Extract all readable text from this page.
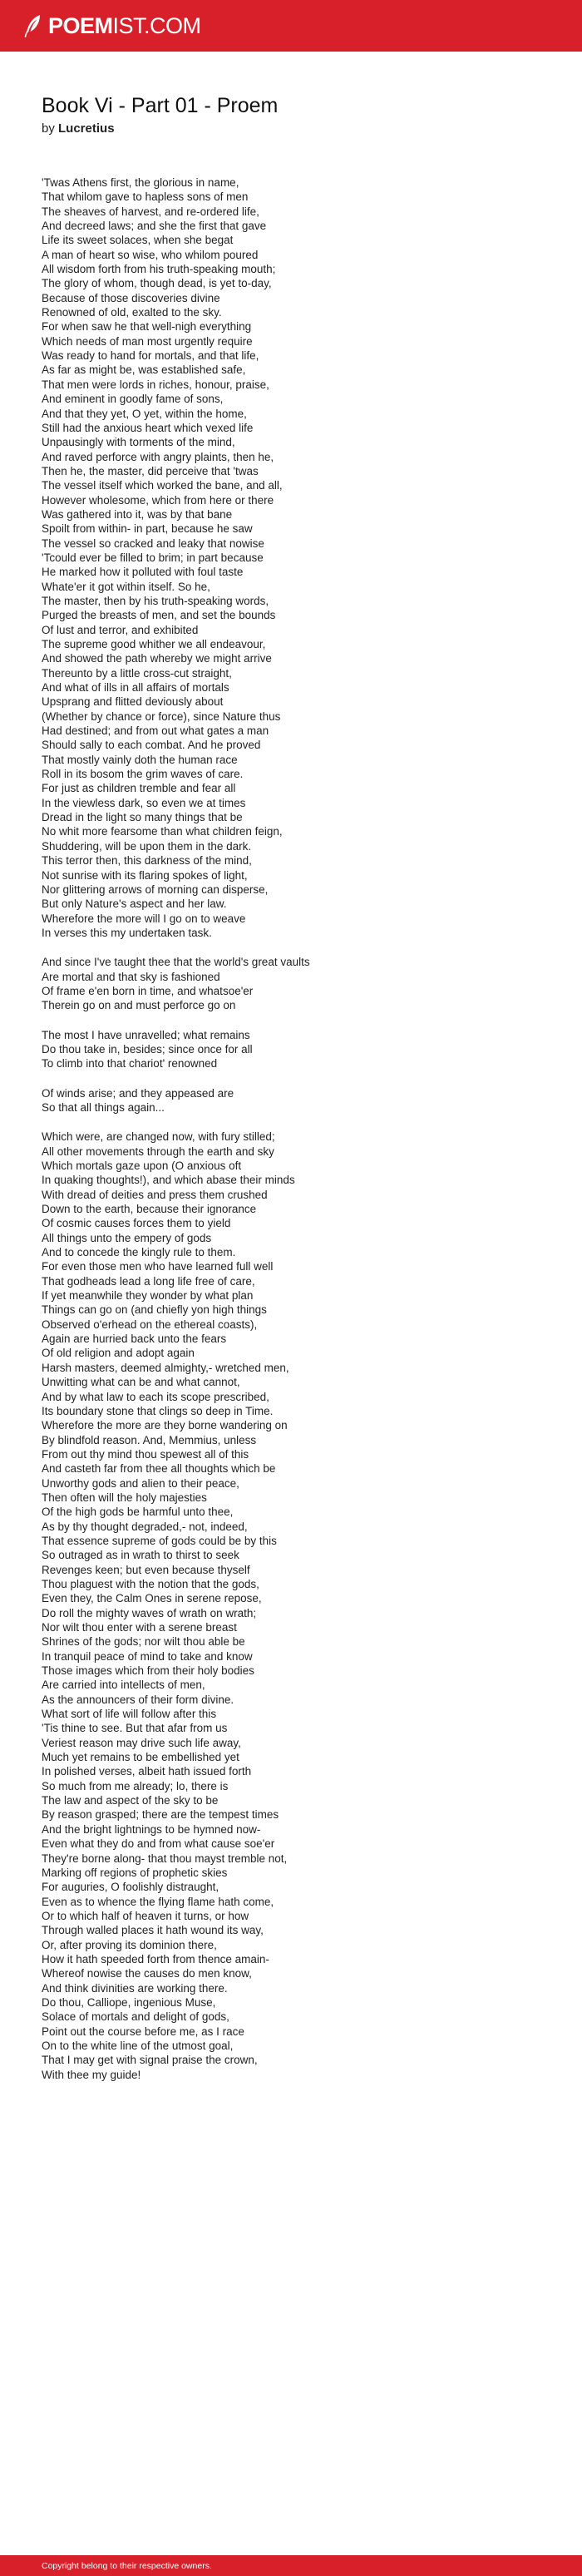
POEMIST.COM
Book Vi - Part 01 - Proem
by Lucretius
'Twas Athens first, the glorious in name,
That whilom gave to hapless sons of men
The sheaves of harvest, and re-ordered life,
And decreed laws; and she the first that gave
Life its sweet solaces, when she begat
A man of heart so wise, who whilom poured
All wisdom forth from his truth-speaking mouth;
The glory of whom, though dead, is yet to-day,
Because of those discoveries divine
Renowned of old, exalted to the sky.
For when saw he that well-nigh everything
Which needs of man most urgently require
Was ready to hand for mortals, and that life,
As far as might be, was established safe,
That men were lords in riches, honour, praise,
And eminent in goodly fame of sons,
And that they yet, O yet, within the home,
Still had the anxious heart which vexed life
Unpausingly with torments of the mind,
And raved perforce with angry plaints, then he,
Then he, the master, did perceive that 'twas
The vessel itself which worked the bane, and all,
However wholesome, which from here or there
Was gathered into it, was by that bane
Spoilt from within- in part, because he saw
The vessel so cracked and leaky that nowise
'Tcould ever be filled to brim; in part because
He marked how it polluted with foul taste
Whate'er it got within itself. So he,
The master, then by his truth-speaking words,
Purged the breasts of men, and set the bounds
Of lust and terror, and exhibited
The supreme good whither we all endeavour,
And showed the path whereby we might arrive
Thereunto by a little cross-cut straight,
And what of ills in all affairs of mortals
Upsprang and flitted deviously about
(Whether by chance or force), since Nature thus
Had destined; and from out what gates a man
Should sally to each combat. And he proved
That mostly vainly doth the human race
Roll in its bosom the grim waves of care.
For just as children tremble and fear all
In the viewless dark, so even we at times
Dread in the light so many things that be
No whit more fearsome than what children feign,
Shuddering, will be upon them in the dark.
This terror then, this darkness of the mind,
Not sunrise with its flaring spokes of light,
Nor glittering arrows of morning can disperse,
But only Nature's aspect and her law.
Wherefore the more will I go on to weave
In verses this my undertaken task.
And since I've taught thee that the world's great vaults
Are mortal and that sky is fashioned
Of frame e'en born in time, and whatsoe'er
Therein go on and must perforce go on
The most I have unravelled; what remains
Do thou take in, besides; since once for all
To climb into that chariot' renowned
Of winds arise; and they appeased are
So that all things again...
Which were, are changed now, with fury stilled;
All other movements through the earth and sky
Which mortals gaze upon (O anxious oft
In quaking thoughts!), and which abase their minds
With dread of deities and press them crushed
Down to the earth, because their ignorance
Of cosmic causes forces them to yield
All things unto the empery of gods
And to concede the kingly rule to them.
For even those men who have learned full well
That godheads lead a long life free of care,
If yet meanwhile they wonder by what plan
Things can go on (and chiefly yon high things
Observed o'erhead on the ethereal coasts),
Again are hurried back unto the fears
Of old religion and adopt again
Harsh masters, deemed almighty,- wretched men,
Unwitting what can be and what cannot,
And by what law to each its scope prescribed,
Its boundary stone that clings so deep in Time.
Wherefore the more are they borne wandering on
By blindfold reason. And, Memmius, unless
From out thy mind thou spewest all of this
And casteth far from thee all thoughts which be
Unworthy gods and alien to their peace,
Then often will the holy majesties
Of the high gods be harmful unto thee,
As by thy thought degraded,- not, indeed,
That essence supreme of gods could be by this
So outraged as in wrath to thirst to seek
Revenges keen; but even because thyself
Thou plaguest with the notion that the gods,
Even they, the Calm Ones in serene repose,
Do roll the mighty waves of wrath on wrath;
Nor wilt thou enter with a serene breast
Shrines of the gods; nor wilt thou able be
In tranquil peace of mind to take and know
Those images which from their holy bodies
Are carried into intellects of men,
As the announcers of their form divine.
What sort of life will follow after this
'Tis thine to see. But that afar from us
Veriest reason may drive such life away,
Much yet remains to be embellished yet
In polished verses, albeit hath issued forth
So much from me already; lo, there is
The law and aspect of the sky to be
By reason grasped; there are the tempest times
And the bright lightnings to be hymned now-
Even what they do and from what cause soe'er
They're borne along- that thou mayst tremble not,
Marking off regions of prophetic skies
For auguries, O foolishly distraught,
Even as to whence the flying flame hath come,
Or to which half of heaven it turns, or how
Through walled places it hath wound its way,
Or, after proving its dominion there,
How it hath speeded forth from thence amain-
Whereof nowise the causes do men know,
And think divinities are working there.
Do thou, Calliope, ingenious Muse,
Solace of mortals and delight of gods,
Point out the course before me, as I race
On to the white line of the utmost goal,
That I may get with signal praise the crown,
With thee my guide!
Copyright belong to their respective owners.
